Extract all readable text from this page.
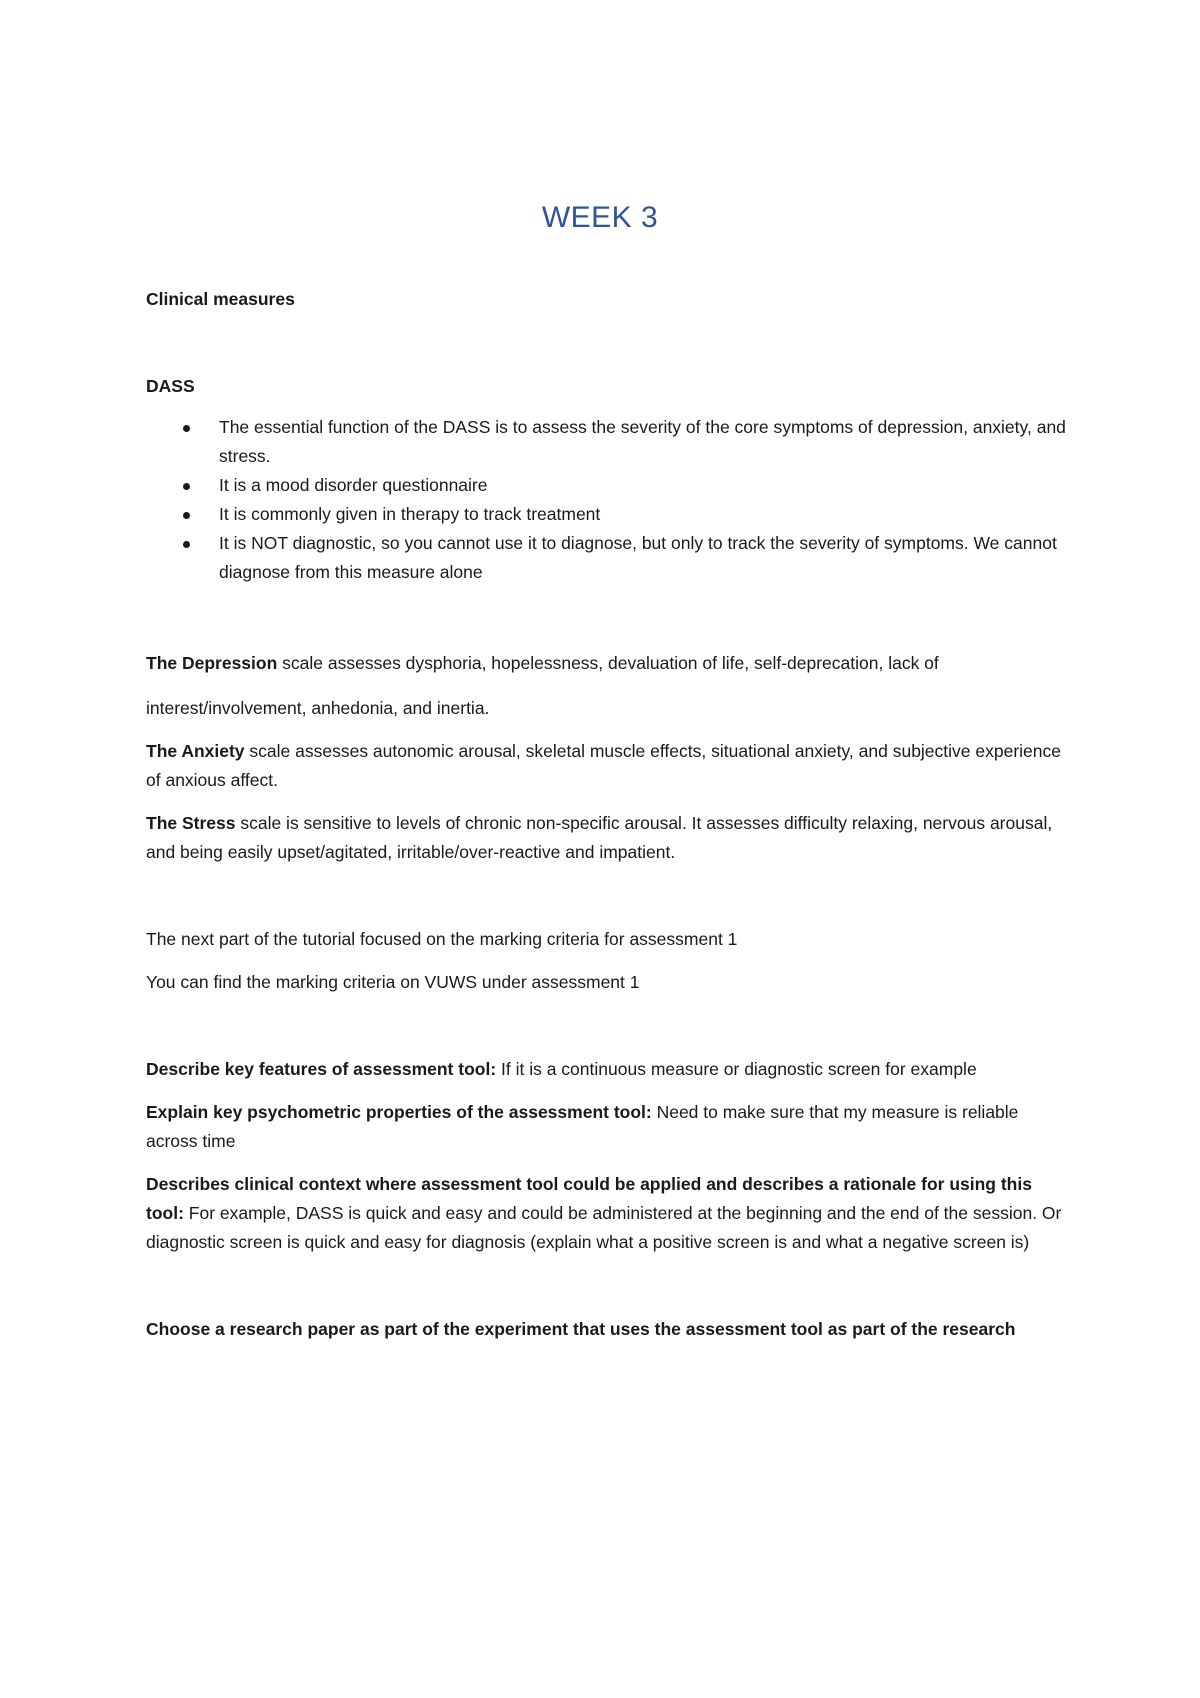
WEEK 3

Clinical measures

DASS

The essential function of the DASS is to assess the severity of the core symptoms of depression, anxiety, and stress.
It is a mood disorder questionnaire
It is commonly given in therapy to track treatment
It is NOT diagnostic, so you cannot use it to diagnose, but only to track the severity of symptoms. We cannot diagnose from this measure alone

The Depression scale assesses dysphoria, hopelessness, devaluation of life, self-deprecation, lack of

interest/involvement, anhedonia, and inertia.

The Anxiety scale assesses autonomic arousal, skeletal muscle effects, situational anxiety, and subjective experience of anxious affect.

The Stress scale is sensitive to levels of chronic non-specific arousal. It assesses difficulty relaxing, nervous arousal, and being easily upset/agitated, irritable/over-reactive and impatient.

The next part of the tutorial focused on the marking criteria for assessment 1

You can find the marking criteria on VUWS under assessment 1

Describe key features of assessment tool: If it is a continuous measure or diagnostic screen for example

Explain key psychometric properties of the assessment tool: Need to make sure that my measure is reliable across time

Describes clinical context where assessment tool could be applied and describes a rationale for using this tool: For example, DASS is quick and easy and could be administered at the beginning and the end of the session. Or diagnostic screen is quick and easy for diagnosis (explain what a positive screen is and what a negative screen is)

Choose a research paper as part of the experiment that uses the assessment tool as part of the research
